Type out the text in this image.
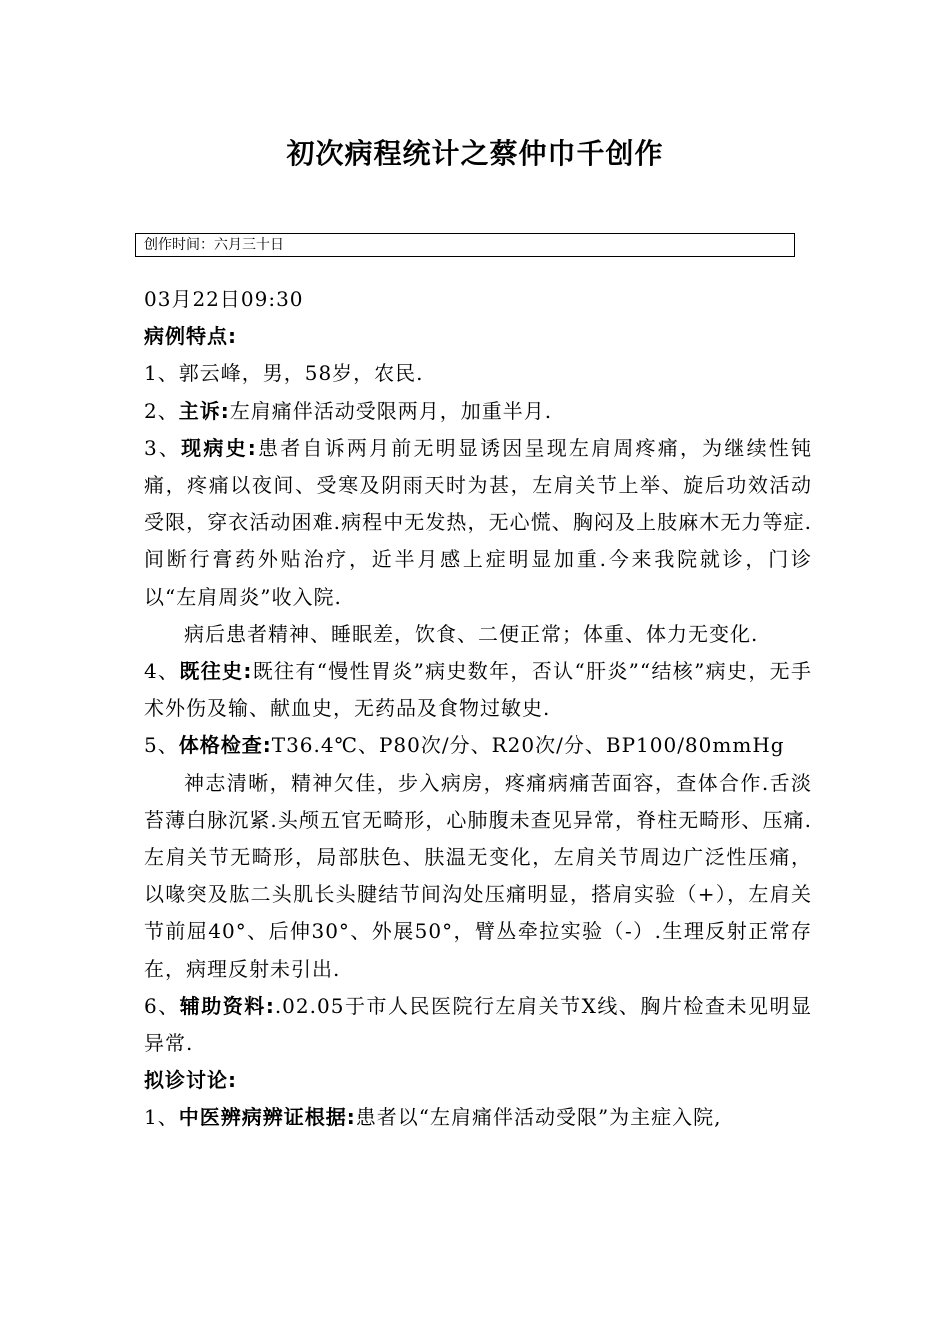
初次病程统计之蔡仲巾千创作
创作时间：六月三十日

03月22日09:30

病例特点:

1、郭云峰，男，58岁，农民.

2、主诉:左肩痛伴活动受限两月，加重半月.

3、现病史:患者自诉两月前无明显诱因呈现左肩周疼痛，为继续性钝痛，疼痛以夜间、受寒及阴雨天时为甚，左肩关节上举、旋后功效活动受限，穿衣活动困难.病程中无发热，无心慌、胸闷及上肢麻木无力等症.间断行膏药外贴治疗，近半月感上症明显加重.今来我院就诊，门诊以“左肩周炎”收入院.

病后患者精神、睡眠差，饮食、二便正常；体重、体力无变化.

4、既往史:既往有“慢性胃炎”病史数年，否认“肝炎”“结核”病史，无手术外伤及输、献血史，无药品及食物过敏史.

5、体格检查:T36.4℃、P80次/分、R20次/分、BP100/80mmHg

神志清晰，精神欠佳，步入病房，疼痛病痛苦面容，查体合作.舌淡苔薄白脉沉紧.头颅五官无畸形，心肺腹未查见异常，脊柱无畸形、压痛.左肩关节无畸形，局部肤色、肤温无变化，左肩关节周边广泛性压痛，以喙突及肱二头肌长头腱结节间沟处压痛明显，搭肩实验（+），左肩关节前屈40°、后伸30°、外展50°，臂丛牵拉实验（-）.生理反射正常存在，病理反射未引出.

6、辅助资料:.02.05于市人民医院行左肩关节X线、胸片检查未见明显异常.

拟诊讨论:

1、中医辨病辨证根据:患者以“左肩痛伴活动受限”为主症入院,
